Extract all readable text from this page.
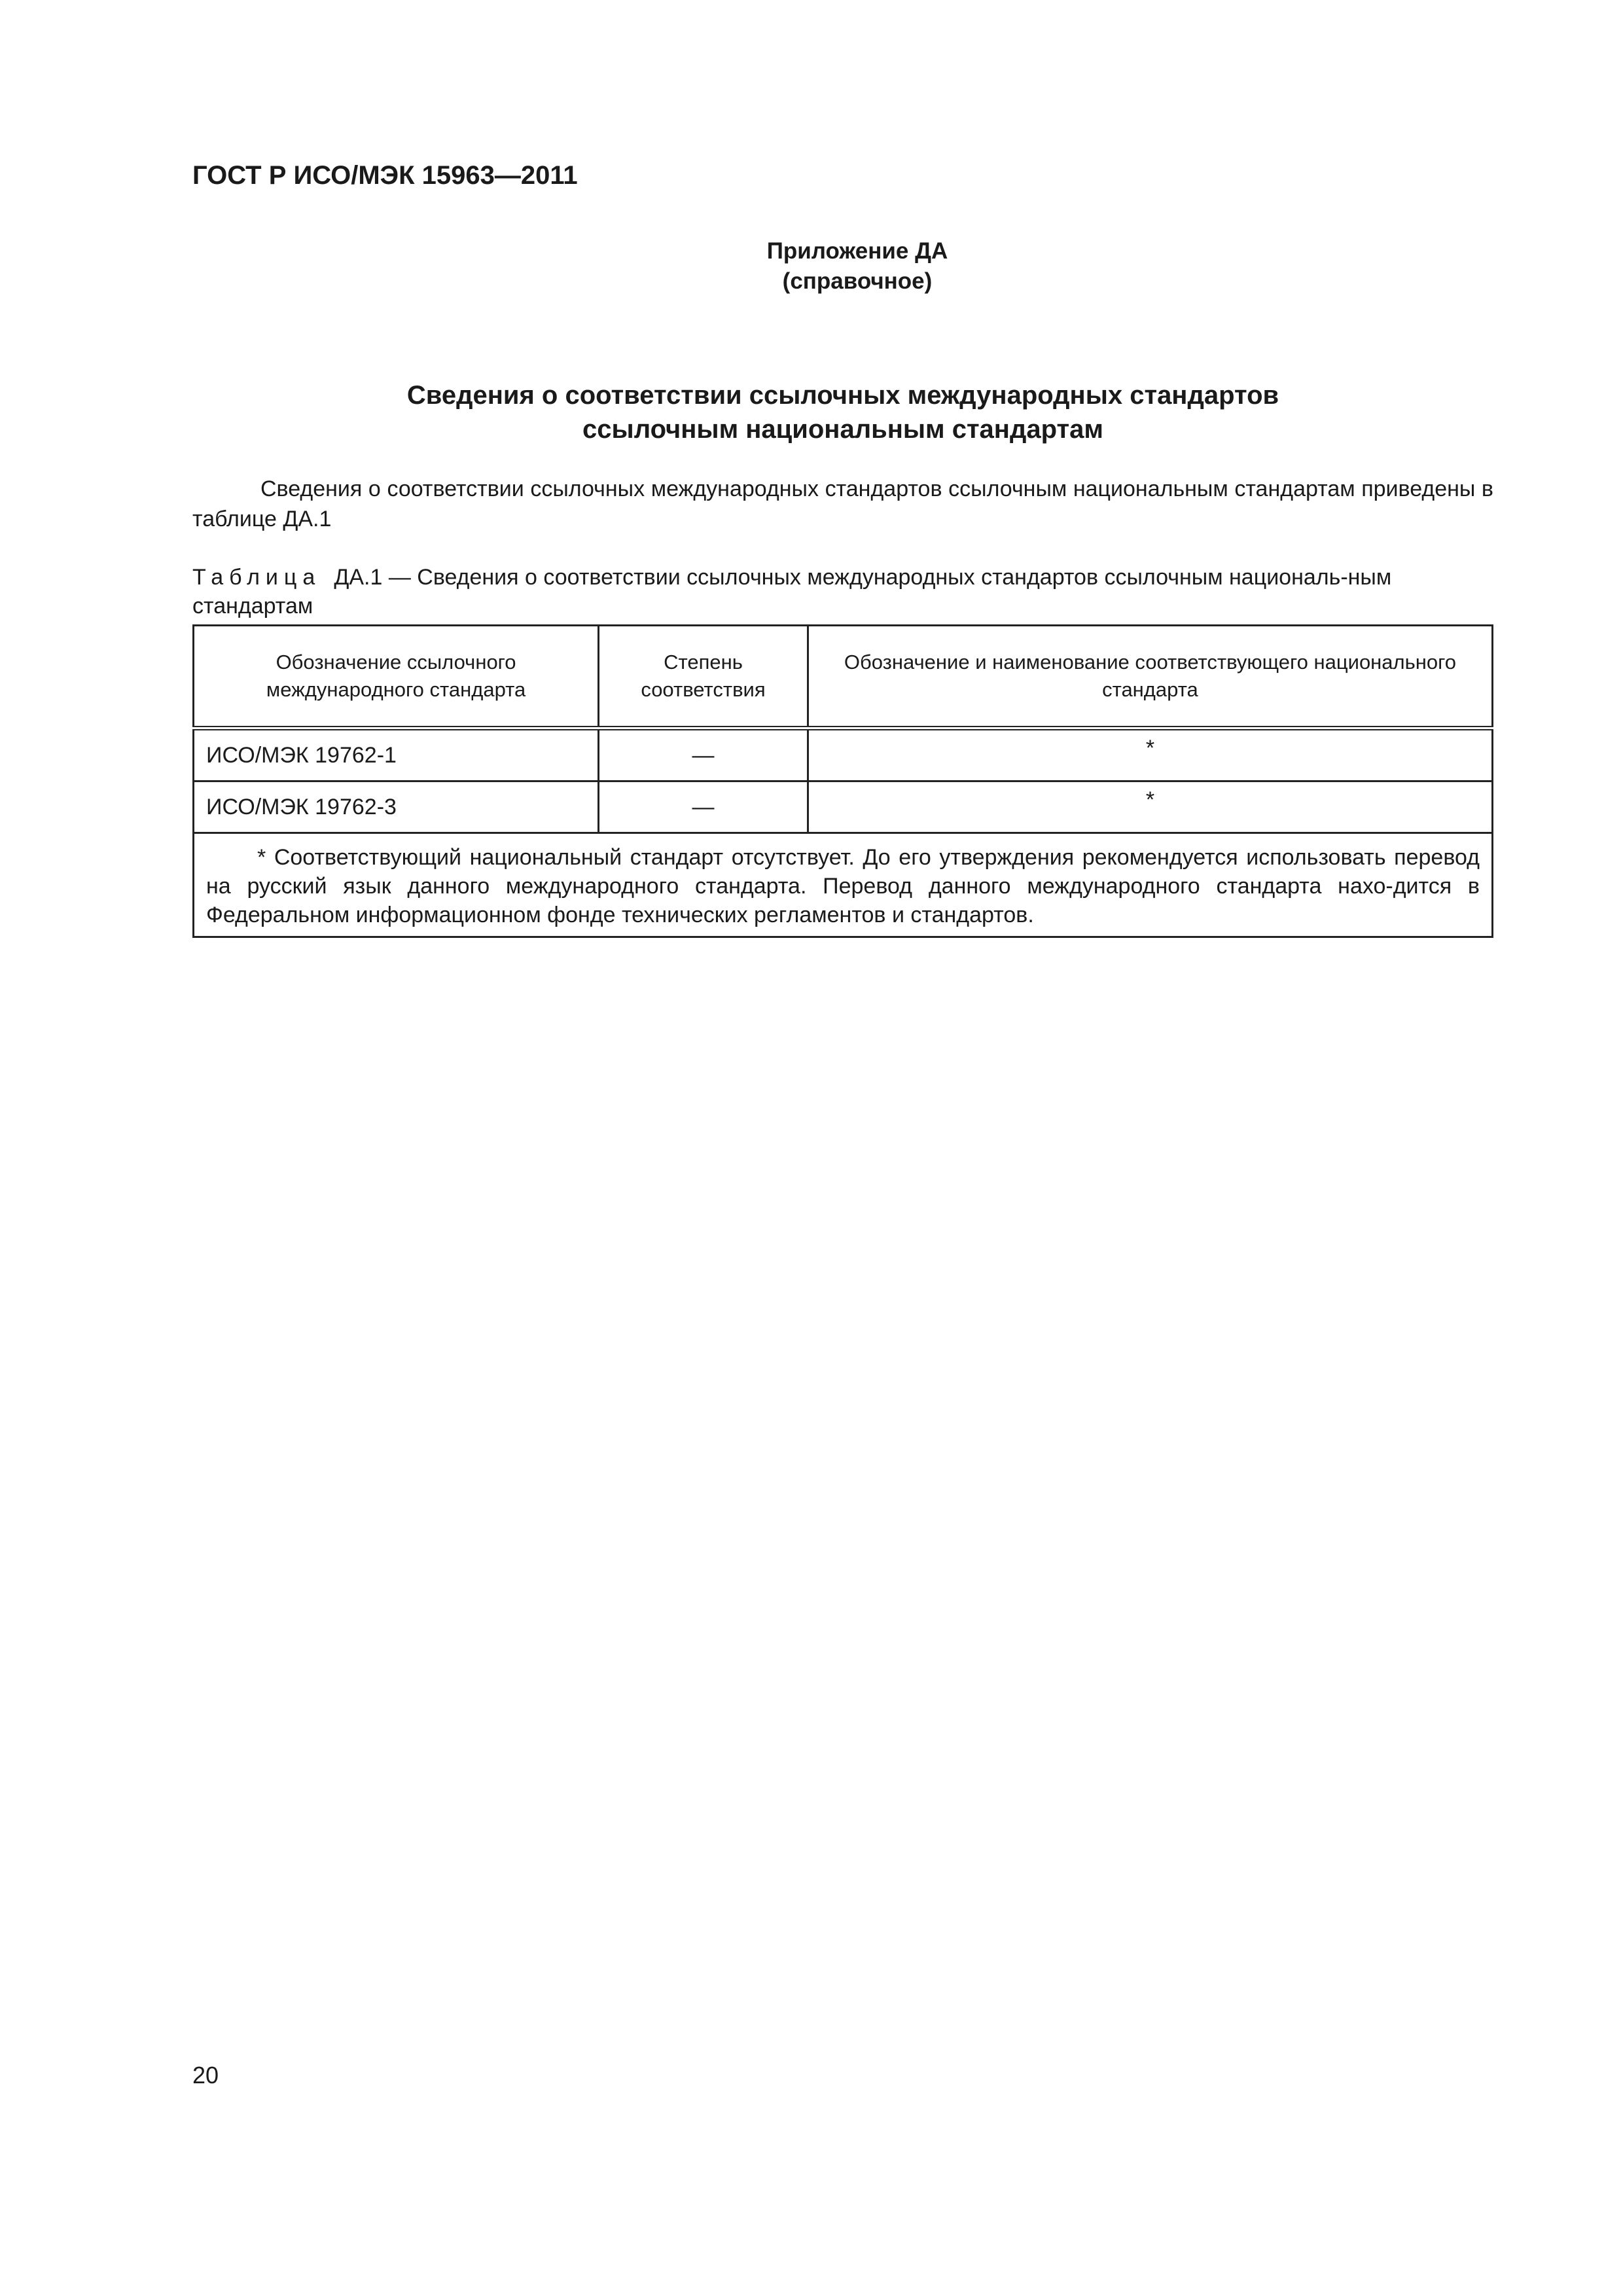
ГОСТ Р ИСО/МЭК 15963—2011
Приложение ДА
(справочное)
Сведения о соответствии ссылочных международных стандартов
ссылочным национальным стандартам
Сведения о соответствии ссылочных международных стандартов ссылочным национальным стандартам приведены в таблице ДА.1
Таблица ДА.1 — Сведения о соответствии ссылочных международных стандартов ссылочным националь-ным стандартам
Обозначение ссылочного международного стандарта	Степень соответствия	Обозначение и наименование соответствующего национального стандарта
ИСО/МЭК 19762-1	—	*
ИСО/МЭК 19762-3	—	*
* Соответствующий национальный стандарт отсутствует. До его утверждения рекомендуется использовать перевод на русский язык данного международного стандарта. Перевод данного международного стандарта нахо-дится в Федеральном информационном фонде технических регламентов и стандартов.		
20
